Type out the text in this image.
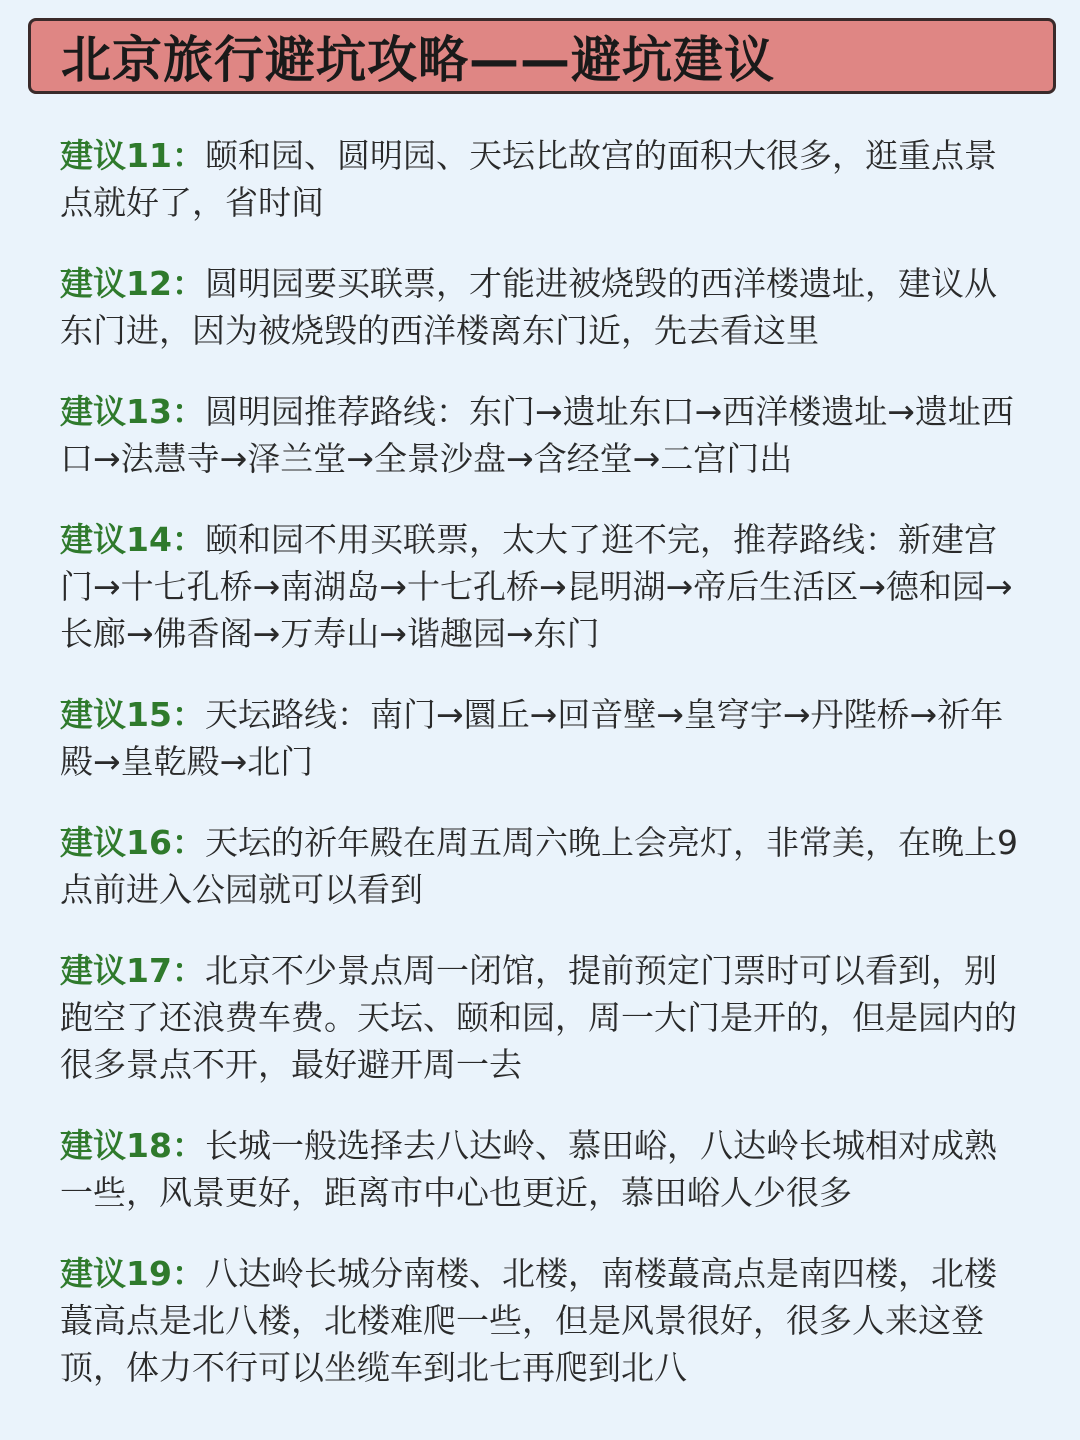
北京旅行避坑攻略——避坑建议

建议11：颐和园、圆明园、天坛比故宫的面积大很多，逛重点景点就好了，省时间

建议12：圆明园要买联票，才能进被烧毁的西洋楼遗址，建议从东门进，因为被烧毁的西洋楼离东门近，先去看这里

建议13：圆明园推荐路线：东门→遗址东口→西洋楼遗址→遗址西口→法慧寺→泽兰堂→全景沙盘→含经堂→二宫门出

建议14：颐和园不用买联票，太大了逛不完，推荐路线：新建宫门→十七孔桥→南湖岛→十七孔桥→昆明湖→帝后生活区→德和园→长廊→佛香阁→万寿山→谐趣园→东门

建议15：天坛路线：南门→圜丘→回音壁→皇穹宇→丹陛桥→祈年殿→皇乾殿→北门

建议16：天坛的祈年殿在周五周六晚上会亮灯，非常美，在晚上9点前进入公园就可以看到

建议17：北京不少景点周一闭馆，提前预定门票时可以看到，别跑空了还浪费车费。天坛、颐和园，周一大门是开的，但是园内的很多景点不开，最好避开周一去

建议18：长城一般选择去八达岭、慕田峪，八达岭长城相对成熟一些，风景更好，距离市中心也更近，慕田峪人少很多

建议19：八达岭长城分南楼、北楼，南楼蕞高点是南四楼，北楼蕞高点是北八楼，北楼难爬一些，但是风景很好，很多人来这登顶，体力不行可以坐缆车到北七再爬到北八
